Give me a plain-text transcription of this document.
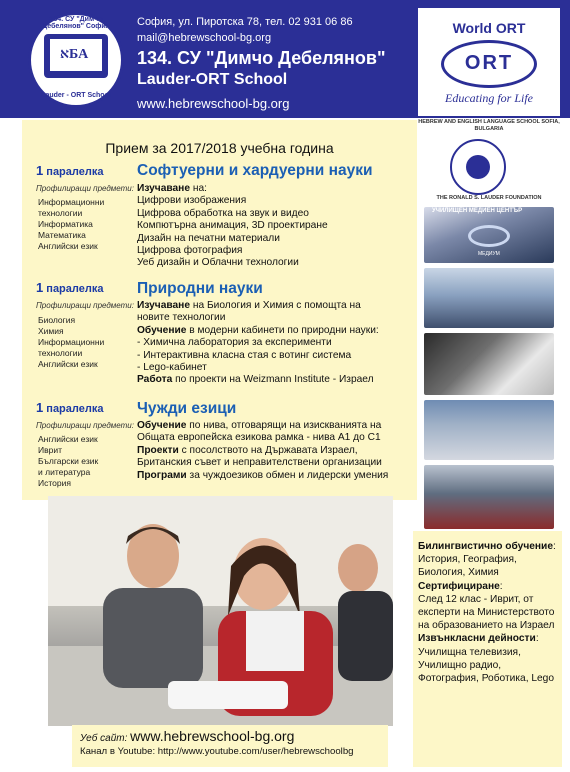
אБА
134. СУ "Димчо Дебелянов" София
Lauder - ORT School
София, ул. Пиротска 78, тел. 02 931 06 86
mail@hebrewschool-bg.org
134. СУ "Димчо Дебелянов"
Lauder-ORT School
www.hebrewschool-bg.org
World ORT
ORT
Educating for Life
HEBREW AND ENGLISH LANGUAGE SCHOOL SOFIA, BULGARIA
THE RONALD S. LAUDER FOUNDATION
УЧИЛИЩЕН МЕДИЕН ЦЕНТЪР
МЕДИУМ
Прием за 2017/2018 учебна година
1 паралелка
Профилиращи предмети:
Информационни
технологии
Информатика
Математика
Английски език
Софтуерни и хардуерни науки
Изучаване на:
Цифрови изображения
Цифрова обработка на звук и видео
Компютърна анимация, 3D проектиране
Дизайн на печатни материали
Цифрова фотография
Уеб дизайн и Облачни технологии
1 паралелка
Профилиращи предмети:
Биология
Химия
Информационни
технологии
Английски език
Природни науки
Изучаване на Биология и Химия с помощта на
новите технологии
Обучение в модерни кабинети по природни науки:
- Химична лаборатория за експерименти
- Интерактивна класна стая с вотинг система
- Lego-кабинет
Работа по проекти на Weizmann Institute - Израел
1 паралелка
Профилиращи предмети:
Английски език
Иврит
Български език
и литература
История
Чужди езици
Обучение по нива, отговарящи на изискванията на
Общата европейска езикова рамка - нива А1 до С1
Проекти с посолството на Държавата Израел,
Британския съвет и неправителствени организации
Програми за чуждоезиков обмен и лидерски умения
Уеб сайт: www.hebrewschool-bg.org
Канал в Youtube: http://www.youtube.com/user/hebrewschoolbg
Билингвистично обучение:
История, География, Биология, Химия
Сертифициране:
След 12 клас - Иврит, от експерти на Министерството на образованието на Израел
Извънкласни дейности:
Училищна телевизия, Училищно радио, Фотография, Роботика, Lego
